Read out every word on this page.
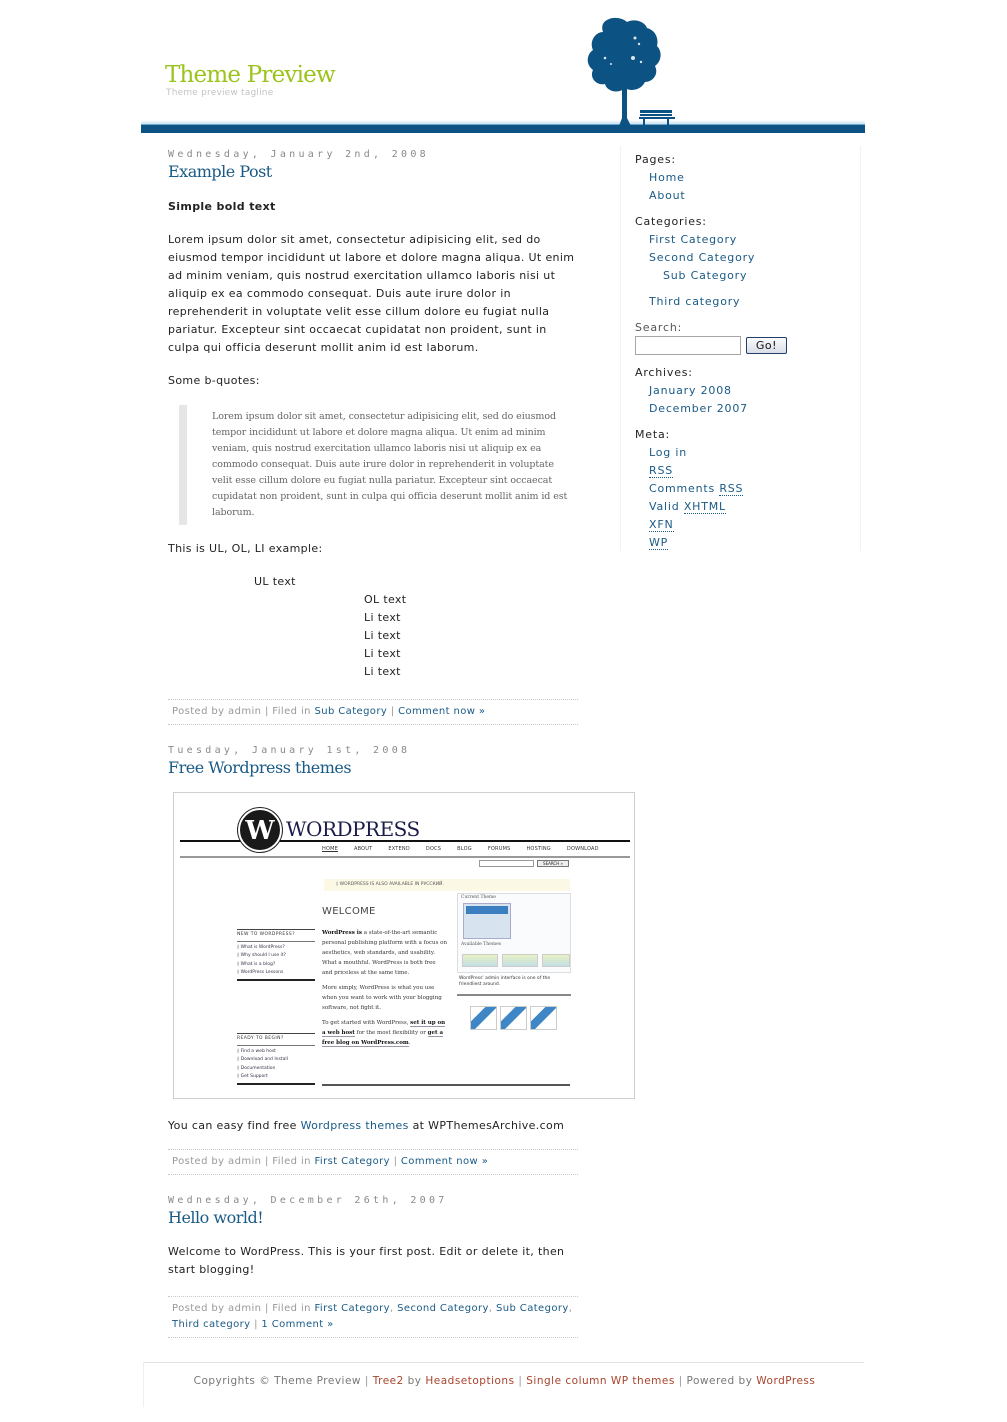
Theme Preview
Theme preview tagline
Wednesday, January 2nd, 2008
Example Post
Simple bold text
Lorem ipsum dolor sit amet, consectetur adipisicing elit, sed do eiusmod tempor incididunt ut labore et dolore magna aliqua. Ut enim ad minim veniam, quis nostrud exercitation ullamco laboris nisi ut aliquip ex ea commodo consequat. Duis aute irure dolor in reprehenderit in voluptate velit esse cillum dolore eu fugiat nulla pariatur. Excepteur sint occaecat cupidatat non proident, sunt in culpa qui officia deserunt mollit anim id est laborum.
Some b-quotes:
Lorem ipsum dolor sit amet, consectetur adipisicing elit, sed do eiusmod tempor incididunt ut labore et dolore magna aliqua. Ut enim ad minim veniam, quis nostrud exercitation ullamco laboris nisi ut aliquip ex ea commodo consequat. Duis aute irure dolor in reprehenderit in voluptate velit esse cillum dolore eu fugiat nulla pariatur. Excepteur sint occaecat cupidatat non proident, sunt in culpa qui officia deserunt mollit anim id est laborum.
This is UL, OL, LI example:
UL text
OL text
Li text
Li text
Li text
Li text
Posted by admin | Filed in Sub Category | Comment now »
Tuesday, January 1st, 2008
Free Wordpress themes
W WORDPRESS
HOME	ABOUT	EXTEND	DOCS	BLOG	FORUMS	HOSTING	DOWNLOAD
SEARCH »
◊ WORDPRESS IS ALSO AVAILABLE IN РУССКИЙ.
WELCOME

WordPress is a state-of-the-art semantic personal publishing platform with a focus on aesthetics, web standards, and usability. What a mouthful. WordPress is both free and priceless at the same time.

More simply, WordPress is what you use when you want to work with your blogging software, not fight it.

To get started with WordPress, set it up on a web host for the most flexibility or get a free blog on WordPress.com.

NEW TO WORDPRESS?
◊ What is WordPress?
◊ Why should I use it?
◊ What is a blog?
◊ WordPress Lessons
READY TO BEGIN?
◊ Find a web host
◊ Download and Install
◊ Documentation
◊ Get Support
Current Theme
Available Themes
WordPress' admin interface is one of the friendliest around.
You can easy find free Wordpress themes at WPThemesArchive.com
Posted by admin | Filed in First Category | Comment now »
Wednesday, December 26th, 2007
Hello world!
Welcome to WordPress. This is your first post. Edit or delete it, then start blogging!
Posted by admin | Filed in First Category, Second Category, Sub Category, Third category | 1 Comment »
Pages:
Home
About
Categories:
First Category
Second Category
Sub Category
Third category
Search:
Go!
Archives:
January 2008
December 2007
Meta:
Log in
RSS
Comments RSS
Valid XHTML
XFN
WP
Copyrights © Theme Preview | Tree2 by Headsetoptions | Single column WP themes | Powered by WordPress
